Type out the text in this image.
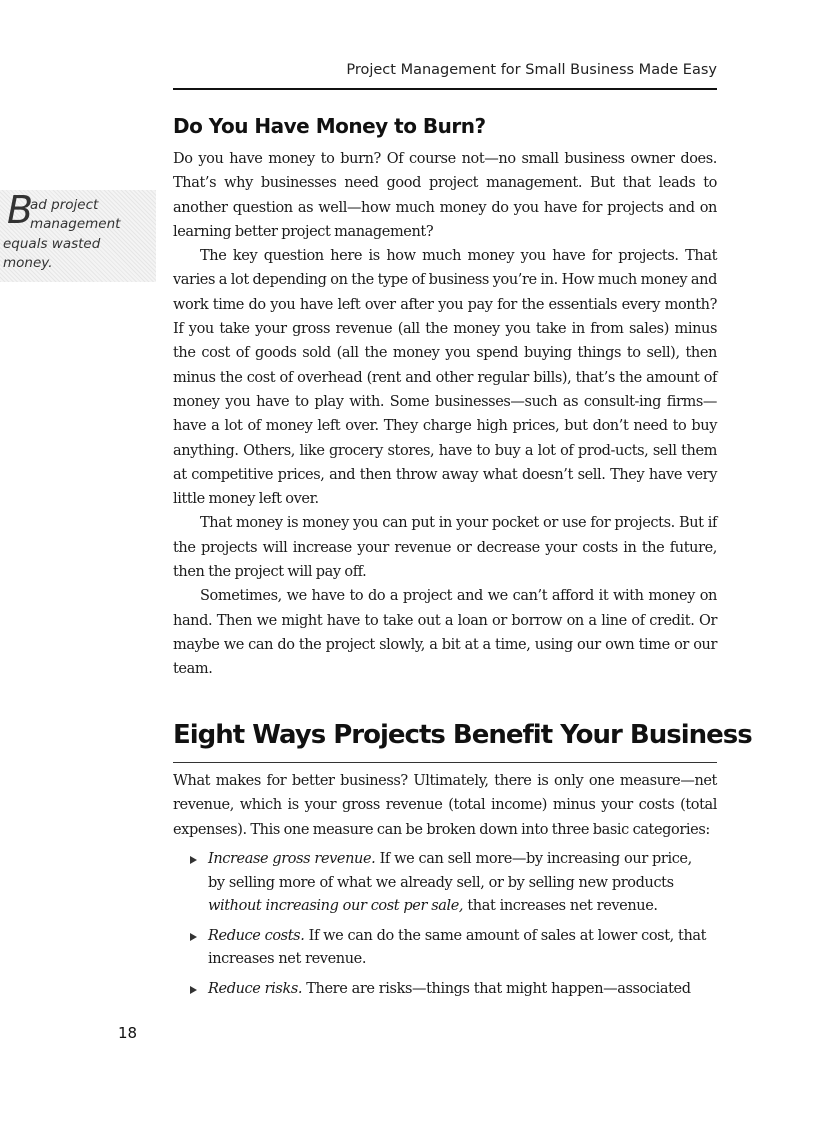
Project Management for Small Business Made Easy
Do You Have Money to Burn?
B
ad project
management
equals wasted
money.

Do you have money to burn? Of course not—no small business owner does. That’s why businesses need good project management. But that leads to another question as well—how much money do you have for projects and on learning better project management?

The key question here is how much money you have for projects. That varies a lot depending on the type of business you’re in. How much money and work time do you have left over after you pay for the essentials every month? If you take your gross revenue (all the money you take in from sales) minus the cost of goods sold (all the money you spend buying things to sell), then minus the cost of overhead (rent and other regular bills), that’s the amount of money you have to play with. Some businesses—such as consult-ing firms—have a lot of money left over. They charge high prices, but don’t need to buy anything. Others, like grocery stores, have to buy a lot of prod-ucts, sell them at competitive prices, and then throw away what doesn’t sell. They have very little money left over.

That money is money you can put in your pocket or use for projects. But if the projects will increase your revenue or decrease your costs in the future, then the project will pay off.

Sometimes, we have to do a project and we can’t afford it with money on hand. Then we might have to take out a loan or borrow on a line of credit. Or maybe we can do the project slowly, a bit at a time, using our own time or our team.

Eight Ways Projects Benefit Your Business

What makes for better business? Ultimately, there is only one measure—net revenue, which is your gross revenue (total income) minus your costs (total expenses). This one measure can be broken down into three basic categories:

Increase gross revenue. If we can sell more—by increasing our price, by selling more of what we already sell, or by selling new products without increasing our cost per sale, that increases net revenue.
Reduce costs. If we can do the same amount of sales at lower cost, that increases net revenue.
Reduce risks. There are risks—things that might happen—associated
18
